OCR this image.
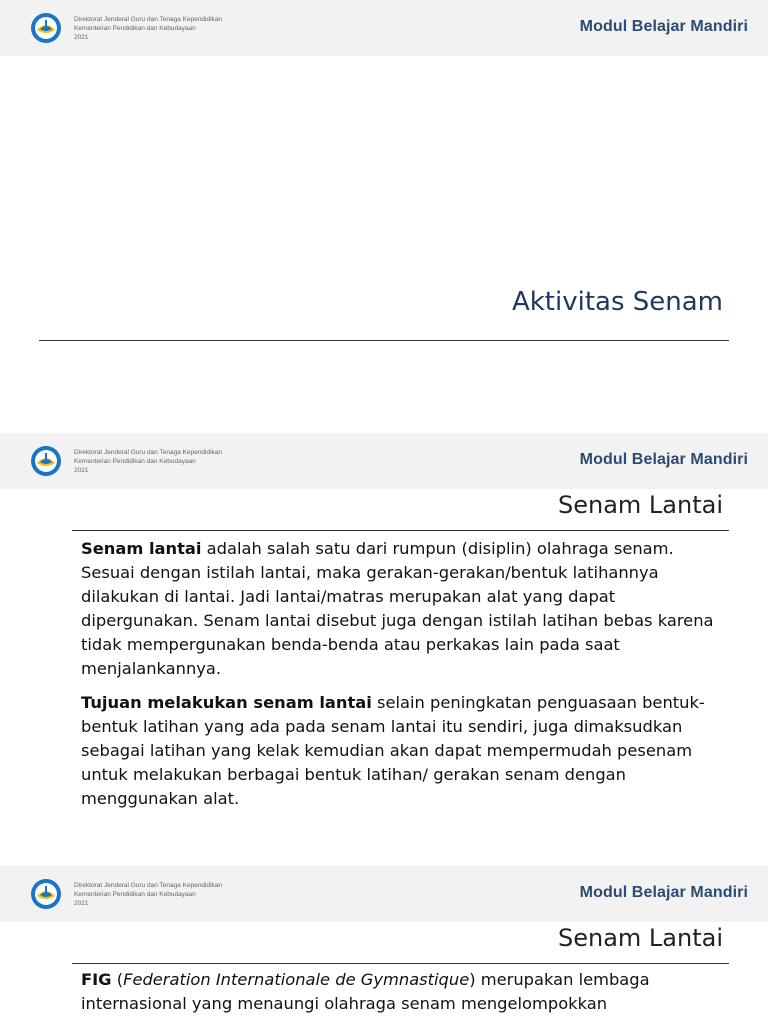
Direktorat Jenderal Guru dan Tenaga Kependidikan
Kementerian Pendidikan dan Kebudayaan
2021
Modul Belajar Mandiri
Aktivitas Senam
Direktorat Jenderal Guru dan Tenaga Kependidikan
Kementerian Pendidikan dan Kebudayaan
2021
Modul Belajar Mandiri
Senam Lantai

Senam lantai adalah salah satu dari rumpun (disiplin) olahraga senam. Sesuai dengan istilah lantai, maka gerakan-gerakan/bentuk latihannya dilakukan di lantai. Jadi lantai/matras merupakan alat yang dapat dipergunakan. Senam lantai disebut juga dengan istilah latihan bebas karena tidak mempergunakan benda-benda atau perkakas lain pada saat menjalankannya.

Tujuan melakukan senam lantai selain peningkatan penguasaan bentuk-bentuk latihan yang ada pada senam lantai itu sendiri, juga dimaksudkan sebagai latihan yang kelak kemudian akan dapat mempermudah pesenam untuk melakukan berbagai bentuk latihan/ gerakan senam dengan menggunakan alat.

Direktorat Jenderal Guru dan Tenaga Kependidikan
Kementerian Pendidikan dan Kebudayaan
2021
Modul Belajar Mandiri
Senam Lantai

FIG (Federation Internationale de Gymnastique) merupakan lembaga internasional yang menaungi olahraga senam mengelompokkan
